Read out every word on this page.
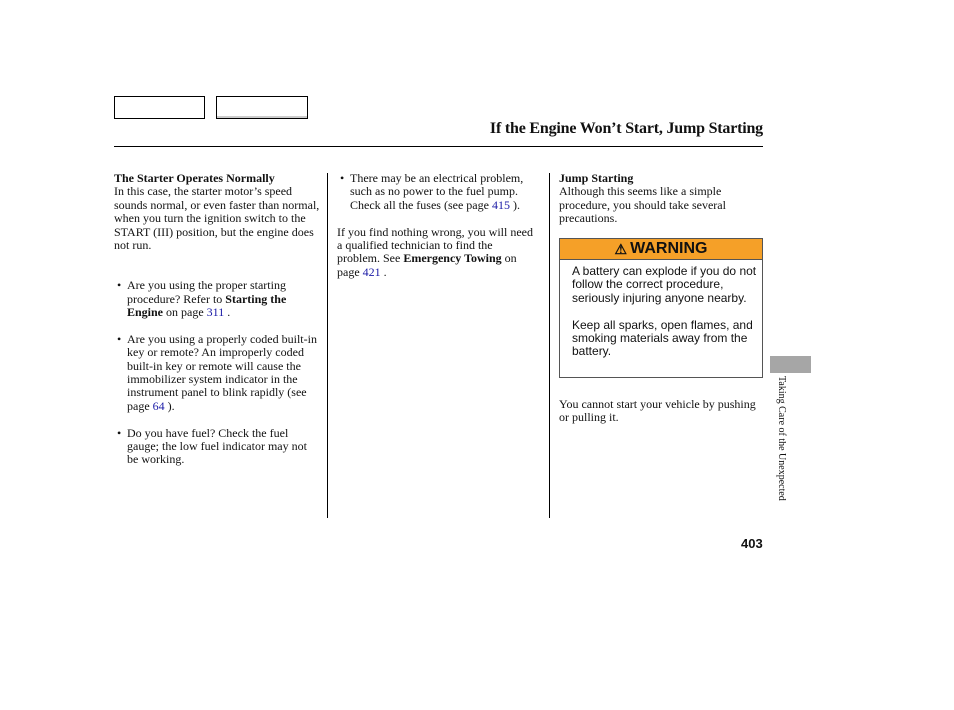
If the Engine Won’t Start, Jump Starting

The Starter Operates Normally

In this case, the starter motor’s speed sounds normal, or even faster than normal, when you turn the ignition switch to the START (III) position, but the engine does not run.

• Are you using the proper starting procedure? Refer to Starting the Engine on page 311 .

• Are you using a properly coded built-in key or remote? An improperly coded built-in key or remote will cause the immobilizer system indicator in the instrument panel to blink rapidly (see page 64 ).

• Do you have fuel? Check the fuel gauge; the low fuel indicator may not be working.

• There may be an electrical problem, such as no power to the fuel pump. Check all the fuses (see page 415 ).

If you find nothing wrong, you will need a qualified technician to find the problem. See Emergency Towing on page 421 .

Jump Starting

Although this seems like a simple procedure, you should take several precautions.

⚠ WARNING

A battery can explode if you do not follow the correct procedure, seriously injuring anyone nearby.

Keep all sparks, open flames, and smoking materials away from the battery.

You cannot start your vehicle by pushing or pulling it.	Taking Care of the Unexpected
403
